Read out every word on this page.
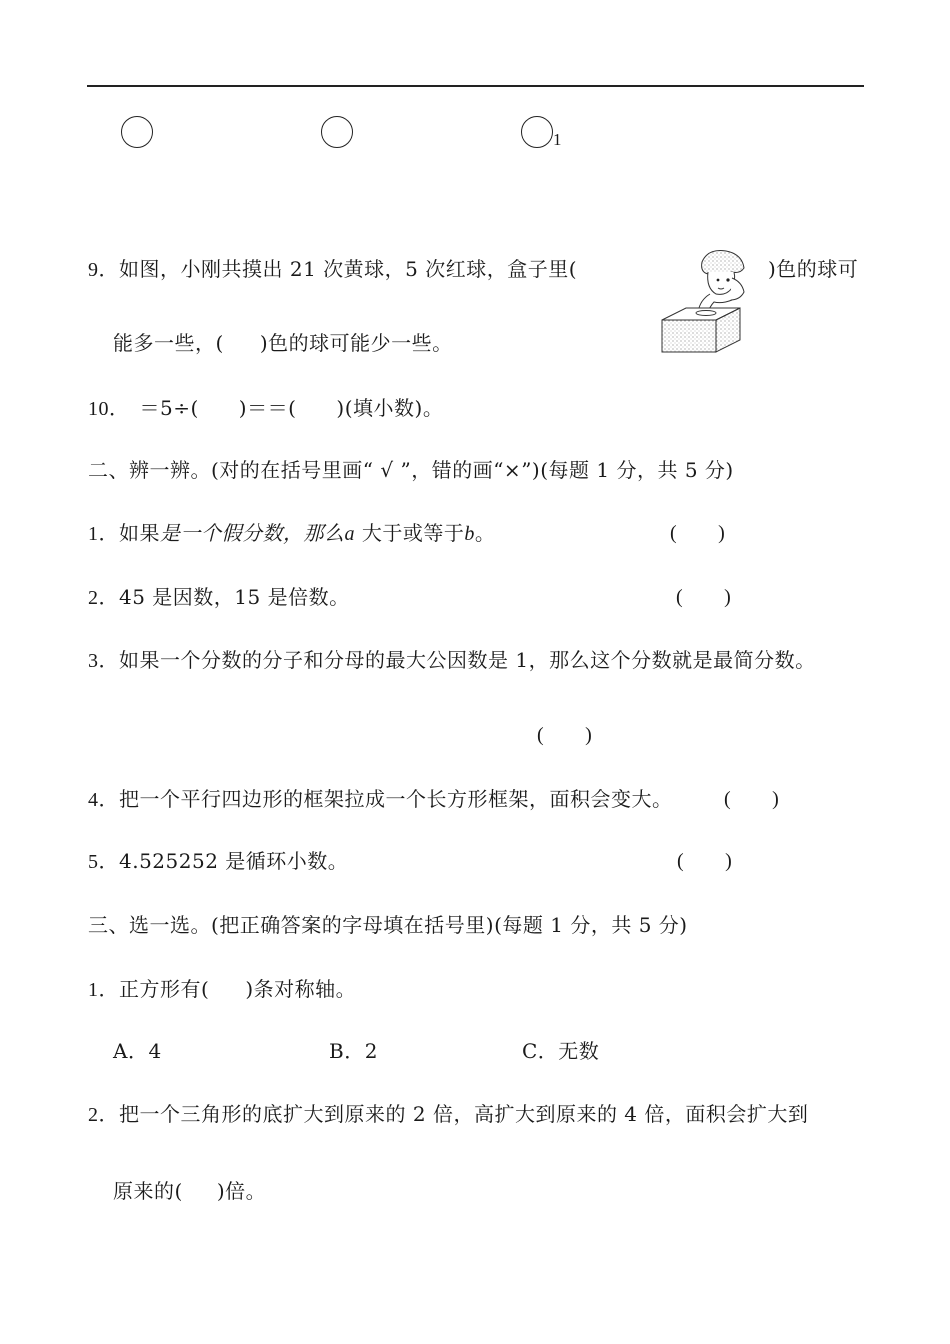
1
9．如图，小刚共摸出 21 次黄球，5 次红球，盒子里(	)色的球可
能多一些，( )色的球可能少一些。
10． ＝5÷( )＝＝( )(填小数)。
二、辨一辨。(对的在括号里画“ √ ”，错的画“×”)(每题 1 分，共 5 分)
1．如果是一个假分数，那么a 大于或等于b。	(　　)
2．45 是因数，15 是倍数。	(　　)
3．如果一个分数的分子和分母的最大公因数是 1，那么这个分数就是最简分数。
(　　)
4．把一个平行四边形的框架拉成一个长方形框架，面积会变大。	(　　)
5．4.525252 是循环小数。	(　　)
三、选一选。(把正确答案的字母填在括号里)(每题 1 分，共 5 分)
1．正方形有( )条对称轴。
A．4	B．2	C．无数
2．把一个三角形的底扩大到原来的 2 倍，高扩大到原来的 4 倍，面积会扩大到
原来的( )倍。
